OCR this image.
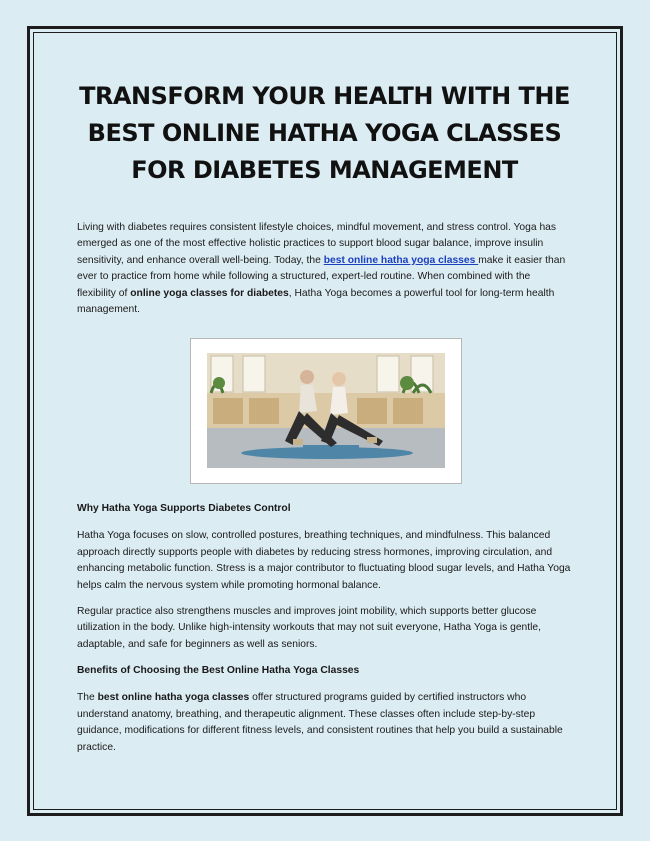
TRANSFORM YOUR HEALTH WITH THE BEST ONLINE HATHA YOGA CLASSES FOR DIABETES MANAGEMENT

Living with diabetes requires consistent lifestyle choices, mindful movement, and stress control. Yoga has emerged as one of the most effective holistic practices to support blood sugar balance, improve insulin sensitivity, and enhance overall well-being. Today, the best online hatha yoga classes make it easier than ever to practice from home while following a structured, expert-led routine. When combined with the flexibility of online yoga classes for diabetes, Hatha Yoga becomes a powerful tool for long-term health management.

Why Hatha Yoga Supports Diabetes Control

Hatha Yoga focuses on slow, controlled postures, breathing techniques, and mindfulness. This balanced approach directly supports people with diabetes by reducing stress hormones, improving circulation, and enhancing metabolic function. Stress is a major contributor to fluctuating blood sugar levels, and Hatha Yoga helps calm the nervous system while promoting hormonal balance.

Regular practice also strengthens muscles and improves joint mobility, which supports better glucose utilization in the body. Unlike high-intensity workouts that may not suit everyone, Hatha Yoga is gentle, adaptable, and safe for beginners as well as seniors.

Benefits of Choosing the Best Online Hatha Yoga Classes

The best online hatha yoga classes offer structured programs guided by certified instructors who understand anatomy, breathing, and therapeutic alignment. These classes often include step-by-step guidance, modifications for different fitness levels, and consistent routines that help you build a sustainable practice.
